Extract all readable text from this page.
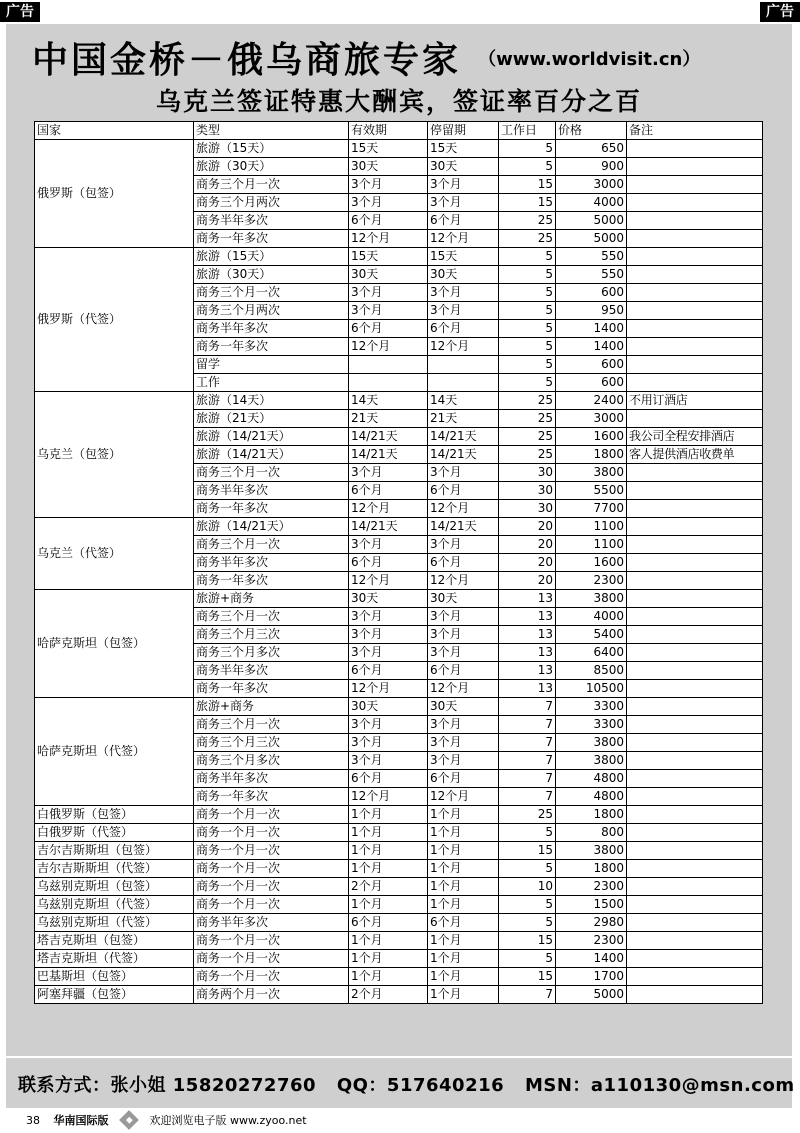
广告	广告
中国金桥－俄乌商旅专家 （www.worldvisit.cn）
乌克兰签证特惠大酬宾，签证率百分之百
国家	类型	有效期	停留期	工作日	价格	备注
俄罗斯（包签）	旅游（15天）	15天	15天	5	650	
	旅游（30天）	30天	30天	5	900	
	商务三个月一次	3个月	3个月	15	3000	
	商务三个月两次	3个月	3个月	15	4000	
	商务半年多次	6个月	6个月	25	5000	
	商务一年多次	12个月	12个月	25	5000	
俄罗斯（代签）	旅游（15天）	15天	15天	5	550	
	旅游（30天）	30天	30天	5	550	
	商务三个月一次	3个月	3个月	5	600	
	商务三个月两次	3个月	3个月	5	950	
	商务半年多次	6个月	6个月	5	1400	
	商务一年多次	12个月	12个月	5	1400	
	留学			5	600	
	工作			5	600	
乌克兰（包签）	旅游（14天）	14天	14天	25	2400	不用订酒店
	旅游（21天）	21天	21天	25	3000	
	旅游（14/21天）	14/21天	14/21天	25	1600	我公司全程安排酒店
	旅游（14/21天）	14/21天	14/21天	25	1800	客人提供酒店收费单
	商务三个月一次	3个月	3个月	30	3800	
	商务半年多次	6个月	6个月	30	5500	
	商务一年多次	12个月	12个月	30	7700	
乌克兰（代签）	旅游（14/21天）	14/21天	14/21天	20	1100	
	商务三个月一次	3个月	3个月	20	1100	
	商务半年多次	6个月	6个月	20	1600	
	商务一年多次	12个月	12个月	20	2300	
哈萨克斯坦（包签）	旅游+商务	30天	30天	13	3800	
	商务三个月一次	3个月	3个月	13	4000	
	商务三个月三次	3个月	3个月	13	5400	
	商务三个月多次	3个月	3个月	13	6400	
	商务半年多次	6个月	6个月	13	8500	
	商务一年多次	12个月	12个月	13	10500	
哈萨克斯坦（代签）	旅游+商务	30天	30天	7	3300	
	商务三个月一次	3个月	3个月	7	3300	
	商务三个月三次	3个月	3个月	7	3800	
	商务三个月多次	3个月	3个月	7	3800	
	商务半年多次	6个月	6个月	7	4800	
	商务一年多次	12个月	12个月	7	4800	
白俄罗斯（包签）	商务一个月一次	1个月	1个月	25	1800	
白俄罗斯（代签）	商务一个月一次	1个月	1个月	5	800	
吉尔吉斯斯坦（包签）	商务一个月一次	1个月	1个月	15	3800	
吉尔吉斯斯坦（代签）	商务一个月一次	1个月	1个月	5	1800	
乌兹别克斯坦（包签）	商务一个月一次	2个月	1个月	10	2300	
乌兹别克斯坦（代签）	商务一个月一次	1个月	1个月	5	1500	
乌兹别克斯坦（代签）	商务半年多次	6个月	6个月	5	2980	
塔吉克斯坦（包签）	商务一个月一次	1个月	1个月	15	2300	
塔吉克斯坦（代签）	商务一个月一次	1个月	1个月	5	1400	
巴基斯坦（包签）	商务一个月一次	1个月	1个月	15	1700	
阿塞拜疆（包签）	商务两个月一次	2个月	1个月	7	5000	
联系方式：张小姐 15820272760 QQ：517640216 MSN：a110130@msn.com
38 华南国际版 ◆ 欢迎浏览电子版 www.zyoo.net
